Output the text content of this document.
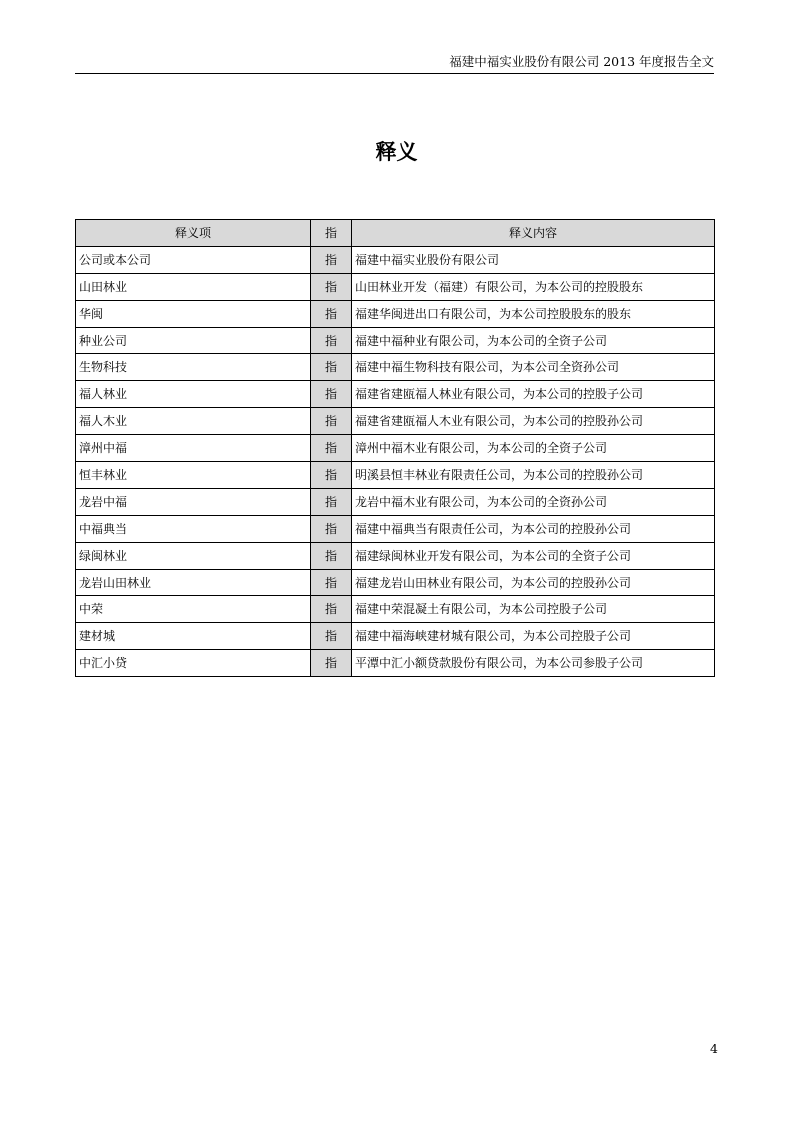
福建中福实业股份有限公司 2013 年度报告全文
释义
释义项	指	释义内容
公司或本公司	指	福建中福实业股份有限公司
山田林业	指	山田林业开发（福建）有限公司，为本公司的控股股东
华闽	指	福建华闽进出口有限公司，为本公司控股股东的股东
种业公司	指	福建中福种业有限公司，为本公司的全资子公司
生物科技	指	福建中福生物科技有限公司，为本公司全资孙公司
福人林业	指	福建省建瓯福人林业有限公司，为本公司的控股子公司
福人木业	指	福建省建瓯福人木业有限公司，为本公司的控股孙公司
漳州中福	指	漳州中福木业有限公司，为本公司的全资子公司
恒丰林业	指	明溪县恒丰林业有限责任公司，为本公司的控股孙公司
龙岩中福	指	龙岩中福木业有限公司，为本公司的全资孙公司
中福典当	指	福建中福典当有限责任公司，为本公司的控股孙公司
绿闽林业	指	福建绿闽林业开发有限公司，为本公司的全资子公司
龙岩山田林业	指	福建龙岩山田林业有限公司，为本公司的控股孙公司
中荣	指	福建中荣混凝土有限公司，为本公司控股子公司
建材城	指	福建中福海峡建材城有限公司，为本公司控股子公司
中汇小贷	指	平潭中汇小额贷款股份有限公司，为本公司参股子公司
4
